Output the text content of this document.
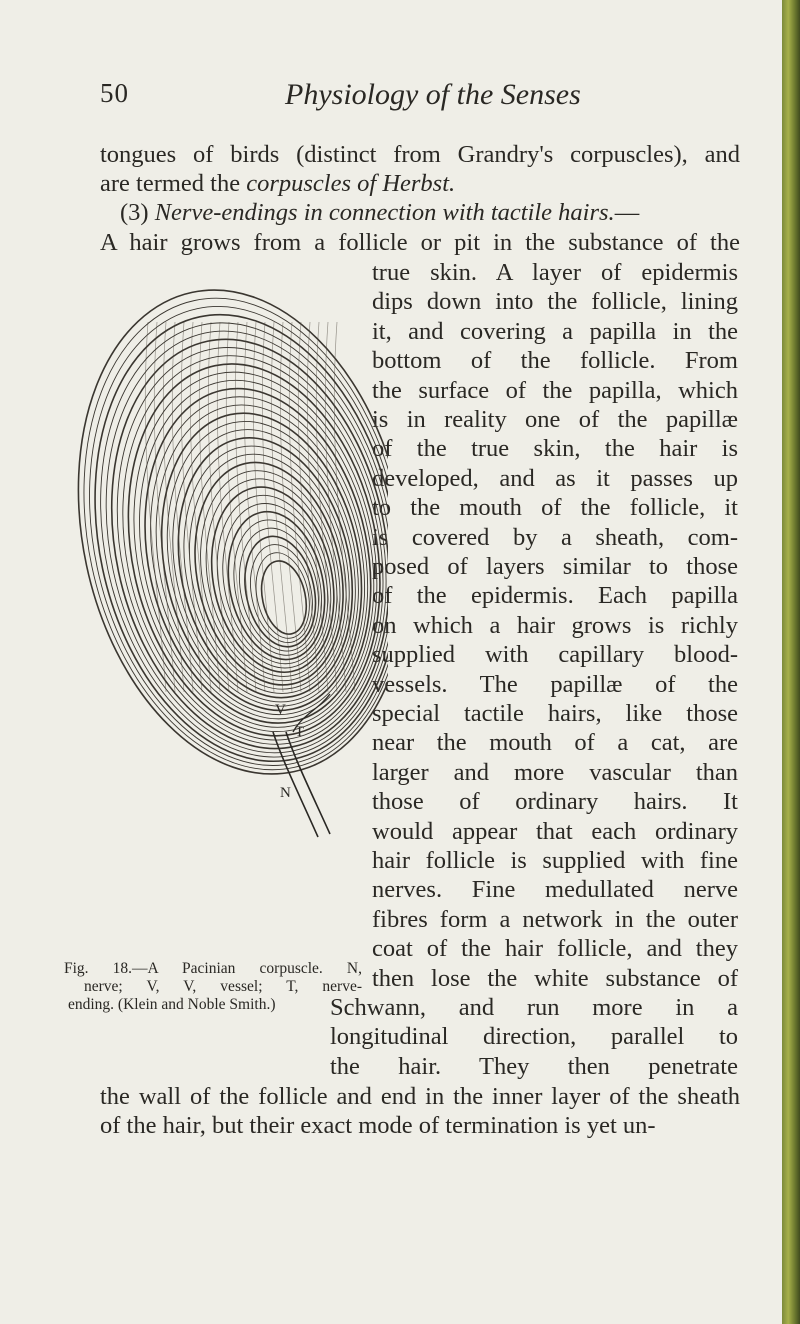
50	Physiology of the Senses
tongues of birds (distinct from Grandry's corpuscles), and
are termed the corpuscles of Herbst.
(3) Nerve-endings in connection with tactile hairs.—
A hair grows from a follicle or pit in the substance of the
true skin. A layer of epidermis
dips down into the follicle, lining
it, and covering a papilla in the
bottom of the follicle. From
the surface of the papilla, which
is in reality one of the papillæ
of the true skin, the hair is
developed, and as it passes up
to the mouth of the follicle, it
is covered by a sheath, com-
posed of layers similar to those
of the epidermis. Each papilla
on which a hair grows is richly
supplied with capillary blood-
vessels. The papillæ of the
special tactile hairs, like those
near the mouth of a cat, are
larger and more vascular than
those of ordinary hairs. It
would appear that each ordinary
hair follicle is supplied with fine
nerves. Fine medullated nerve
fibres form a network in the outer
coat of the hair follicle, and they
then lose the white substance of
Schwann, and run more in a
longitudinal direction, parallel to
the hair. They then penetrate
the wall of the follicle and end in the inner layer of the sheath
of the hair, but their exact mode of termination is yet un-
V
T
N
Fig. 18.—A Pacinian corpuscle. N,
nerve; V, V, vessel; T, nerve-
ending. (Klein and Noble Smith.)
